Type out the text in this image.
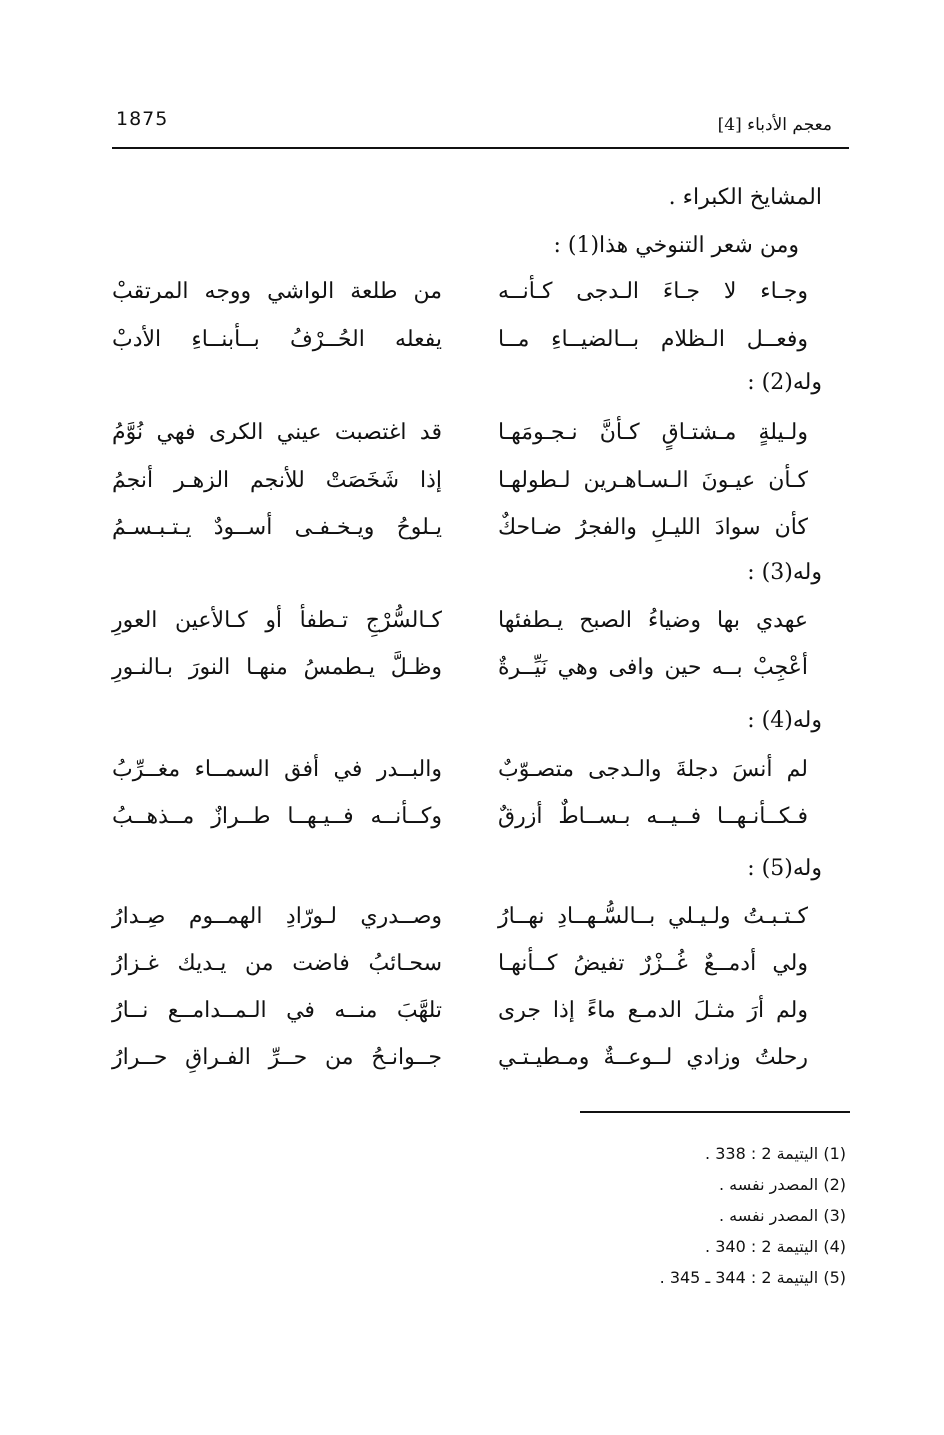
1875	معجم الأدباء [4]
المشايخ الكبراء .
ومن شعر التنوخي هذا(1) :
وجـاء لا جـاءَ الـدجى كـأنــه
من طلعة الواشي ووجه المرتقبْ
وفعــل الـظلام بــالضيــاءِ مــا
يفعله الحُــرْفُ بــأبنــاءِ الأدبْ
وله(2) :
ولـيلةٍ مـشتـاقٍ كـأنَّ نـجـومَهـا
قد اغتصبت عيني الكرى فهي نُوَّمُ
كـأن عيـونَ الـسـاهـرين لـطولهـا
إذا شَخَصَتْ للأنجم الزهـر أنجمُ
كأن سوادَ الليـلِ والفجرُ ضـاحكٌ
يـلوحُ ويـخـفـى أســودٌ يـتـبـسـمُ
وله(3) :
عهدي بها وضياءُ الصبح يـطفئها
كـالسُّرْجِ تـطفأ أو كـالأعين العورِ
أعْجِبْ بــه حين وافى وهي نَيِّــرةٌ
وظـلَّ يـطمسُ منهـا النورَ بـالنـورِ
وله(4) :
لم أنسَ دجلةَ والـدجى متصـوّبٌ
والبــدر في أفق السمــاء مغــرِّبُ
فـكــأنـهــا فــيــه بـســاطٌ أزرقٌ
وكــأنــه فــيـهــا طــرازٌ مــذهــبُ
وله(5) :
كـتـبـتُ ولـيـلي بــالسُّـهــادِ نهــارُ
وصــدري لـورّادِ الهمــوم صِـدارُ
ولي أدمــعٌ غُــزْرٌ تفيضُ كــأنهـا
سحـائبُ فاضت من يـديك غـزارُ
ولم أرَ مثـلَ الدمـع ماءً إذا جرى
تلهَّبَ منــه في الـمــدامــع نــارُ
رحلتُ وزادي لــوعــةٌ ومـطيـتـي
جــوانـحُ من حــرِّ الفـراقِ حــرارُ
(1) اليتيمة 2 : 338 .
(2) المصدر نفسه .
(3) المصدر نفسه .
(4) اليتيمة 2 : 340 .
(5) اليتيمة 2 : 344 ـ 345 .
